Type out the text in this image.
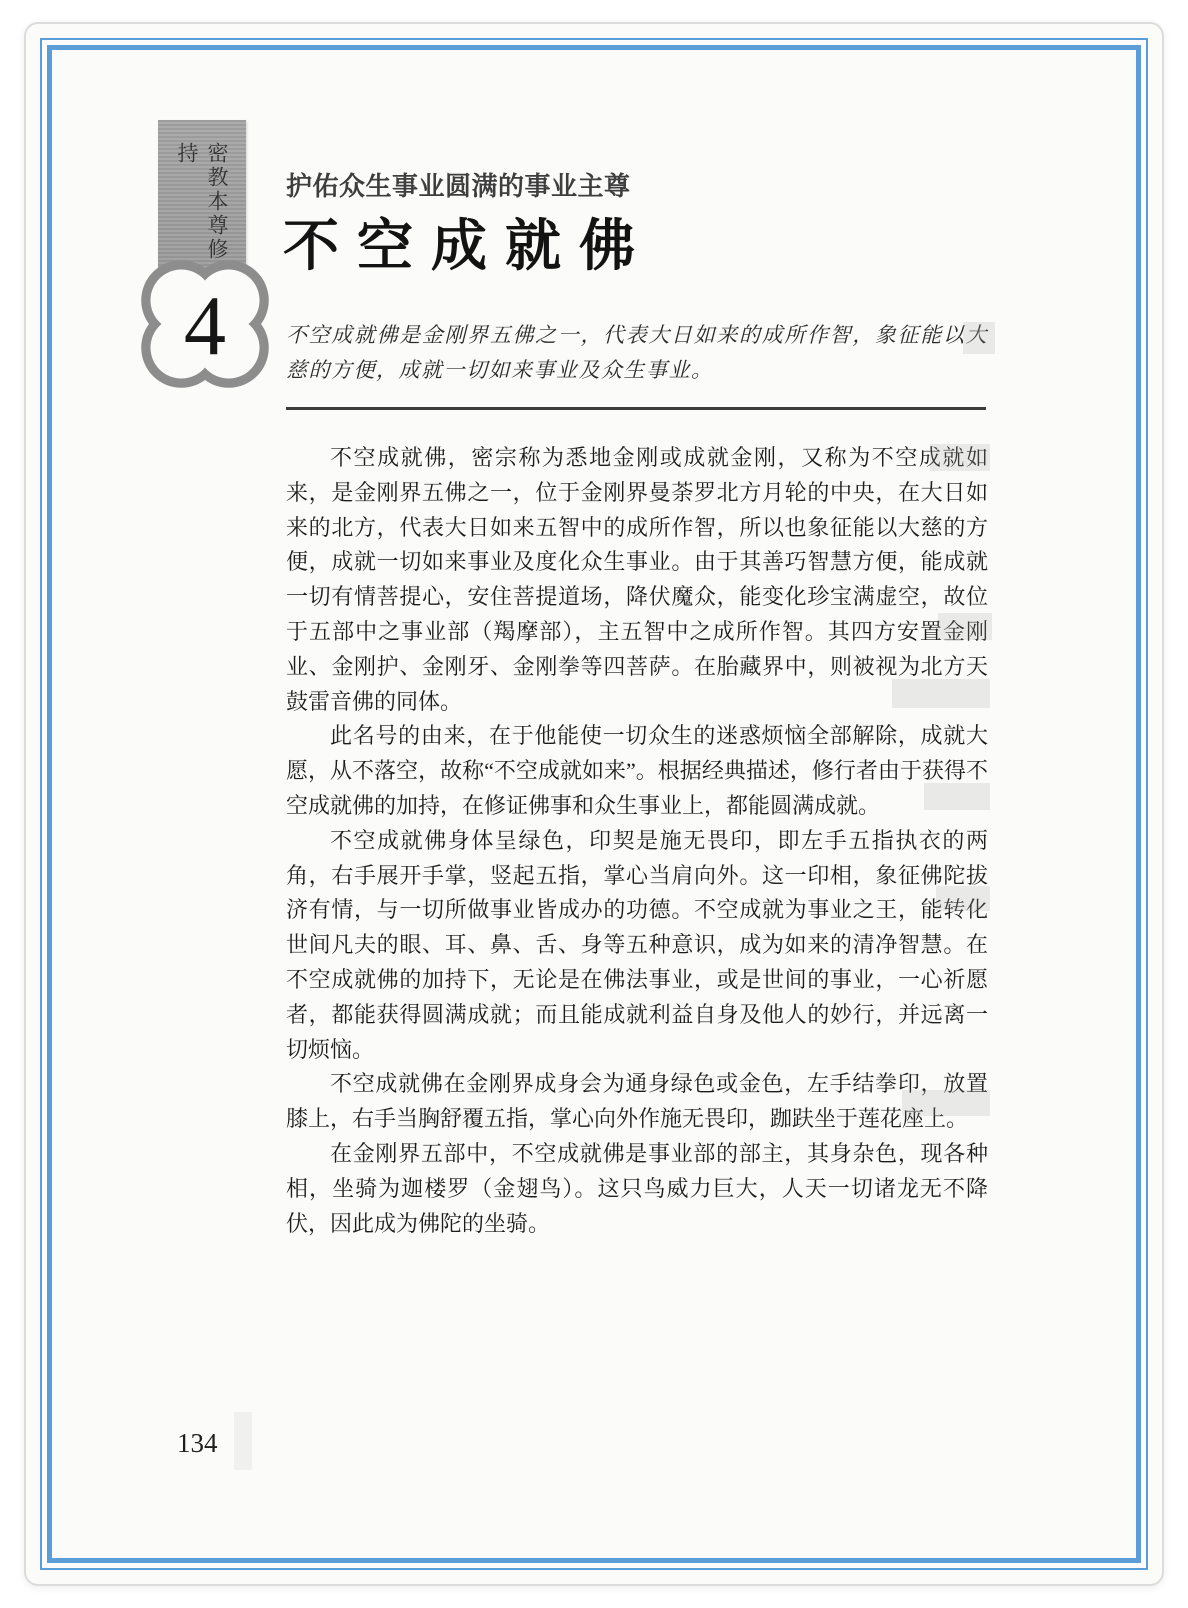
密教本尊修持
4
护佑众生事业圆满的事业主尊
不空成就佛
不空成就佛是金刚界五佛之一，代表大日如来的成所作智，象征能以大慈的方便，成就一切如来事业及众生事业。

不空成就佛，密宗称为悉地金刚或成就金刚，又称为不空成就如来，是金刚界五佛之一，位于金刚界曼荼罗北方月轮的中央，在大日如来的北方，代表大日如来五智中的成所作智，所以也象征能以大慈的方便，成就一切如来事业及度化众生事业。由于其善巧智慧方便，能成就一切有情菩提心，安住菩提道场，降伏魔众，能变化珍宝满虚空，故位于五部中之事业部（羯摩部），主五智中之成所作智。其四方安置金刚业、金刚护、金刚牙、金刚拳等四菩萨。在胎藏界中，则被视为北方天鼓雷音佛的同体。

此名号的由来，在于他能使一切众生的迷惑烦恼全部解除，成就大愿，从不落空，故称“不空成就如来”。根据经典描述，修行者由于获得不空成就佛的加持，在修证佛事和众生事业上，都能圆满成就。

不空成就佛身体呈绿色，印契是施无畏印，即左手五指执衣的两角，右手展开手掌，竖起五指，掌心当肩向外。这一印相，象征佛陀拔济有情，与一切所做事业皆成办的功德。不空成就为事业之王，能转化世间凡夫的眼、耳、鼻、舌、身等五种意识，成为如来的清净智慧。在不空成就佛的加持下，无论是在佛法事业，或是世间的事业，一心祈愿者，都能获得圆满成就；而且能成就利益自身及他人的妙行，并远离一切烦恼。

不空成就佛在金刚界成身会为通身绿色或金色，左手结拳印，放置膝上，右手当胸舒覆五指，掌心向外作施无畏印，跏趺坐于莲花座上。

在金刚界五部中，不空成就佛是事业部的部主，其身杂色，现各种相，坐骑为迦楼罗（金翅鸟）。这只鸟威力巨大，人天一切诸龙无不降伏，因此成为佛陀的坐骑。

134
